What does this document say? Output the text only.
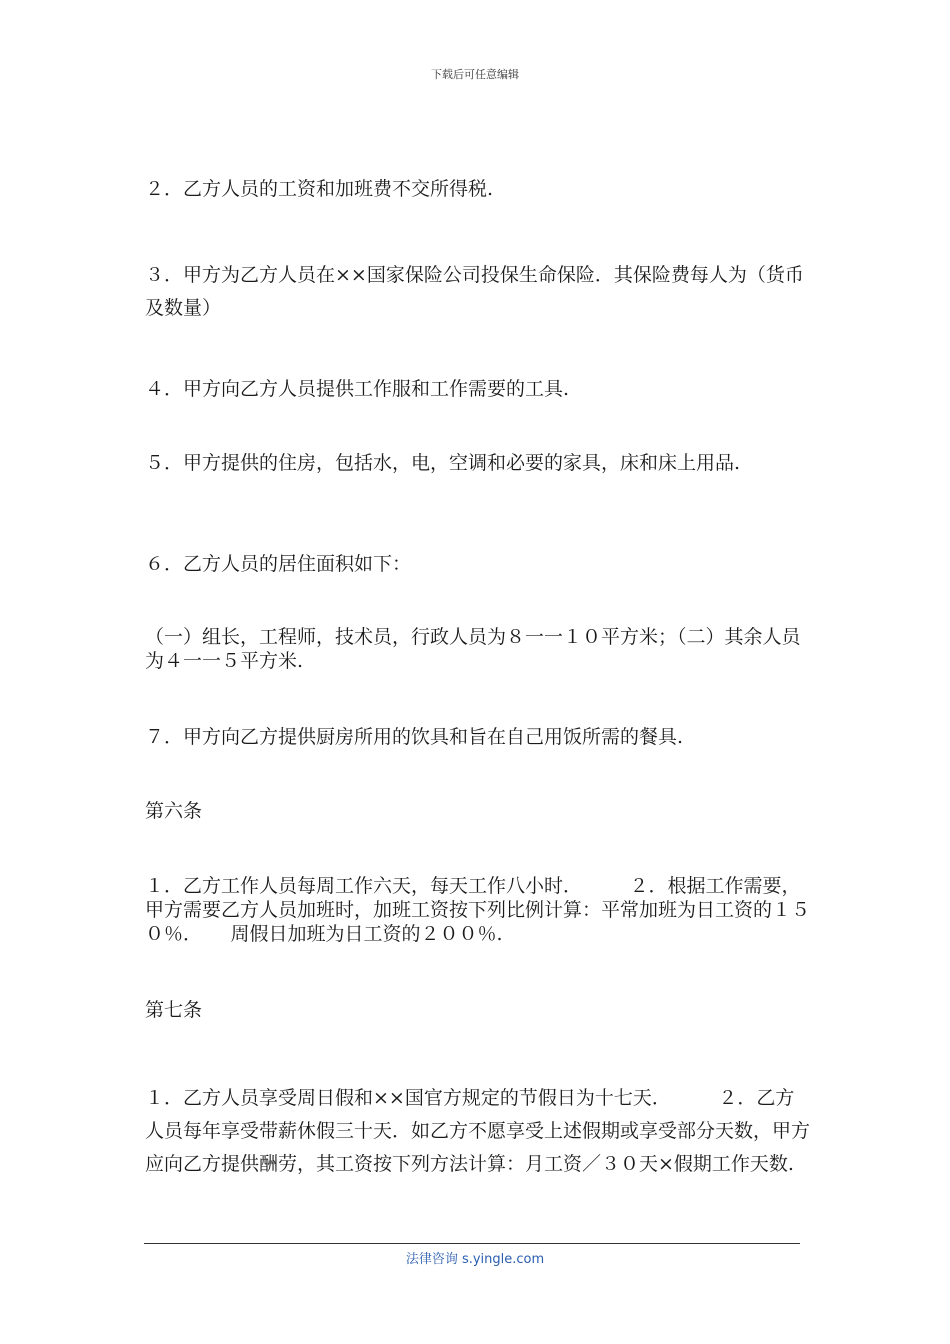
下载后可任意编辑
２．乙方人员的工资和加班费不交所得税.
３．甲方为乙方人员在××国家保险公司投保生命保险．其保险费每人为（货币及数量）
４．甲方向乙方人员提供工作服和工作需要的工具.
５．甲方提供的住房，包括水，电，空调和必要的家具，床和床上用品.
６．乙方人员的居住面积如下：
（一）组长，工程师，技术员，行政人员为８一一１０平方米；（二）其余人员为４一一５平方米.
７．甲方向乙方提供厨房所用的饮具和旨在自己用饭所需的餐具.
第六条
１．乙方工作人员每周工作六天，每天工作八小时．　　　２．根据工作需要，甲方需要乙方人员加班时，加班工资按下列比例计算：平常加班为日工资的１５０％．　　周假日加班为日工资的２００％.
第七条
１．乙方人员享受周日假和××国官方规定的节假日为十七天．　　　２．乙方人员每年享受带薪休假三十天．如乙方不愿享受上述假期或享受部分天数，甲方应向乙方提供酬劳，其工资按下列方法计算：月工资／３０天×假期工作天数.
法律咨询 s.yingle.com
